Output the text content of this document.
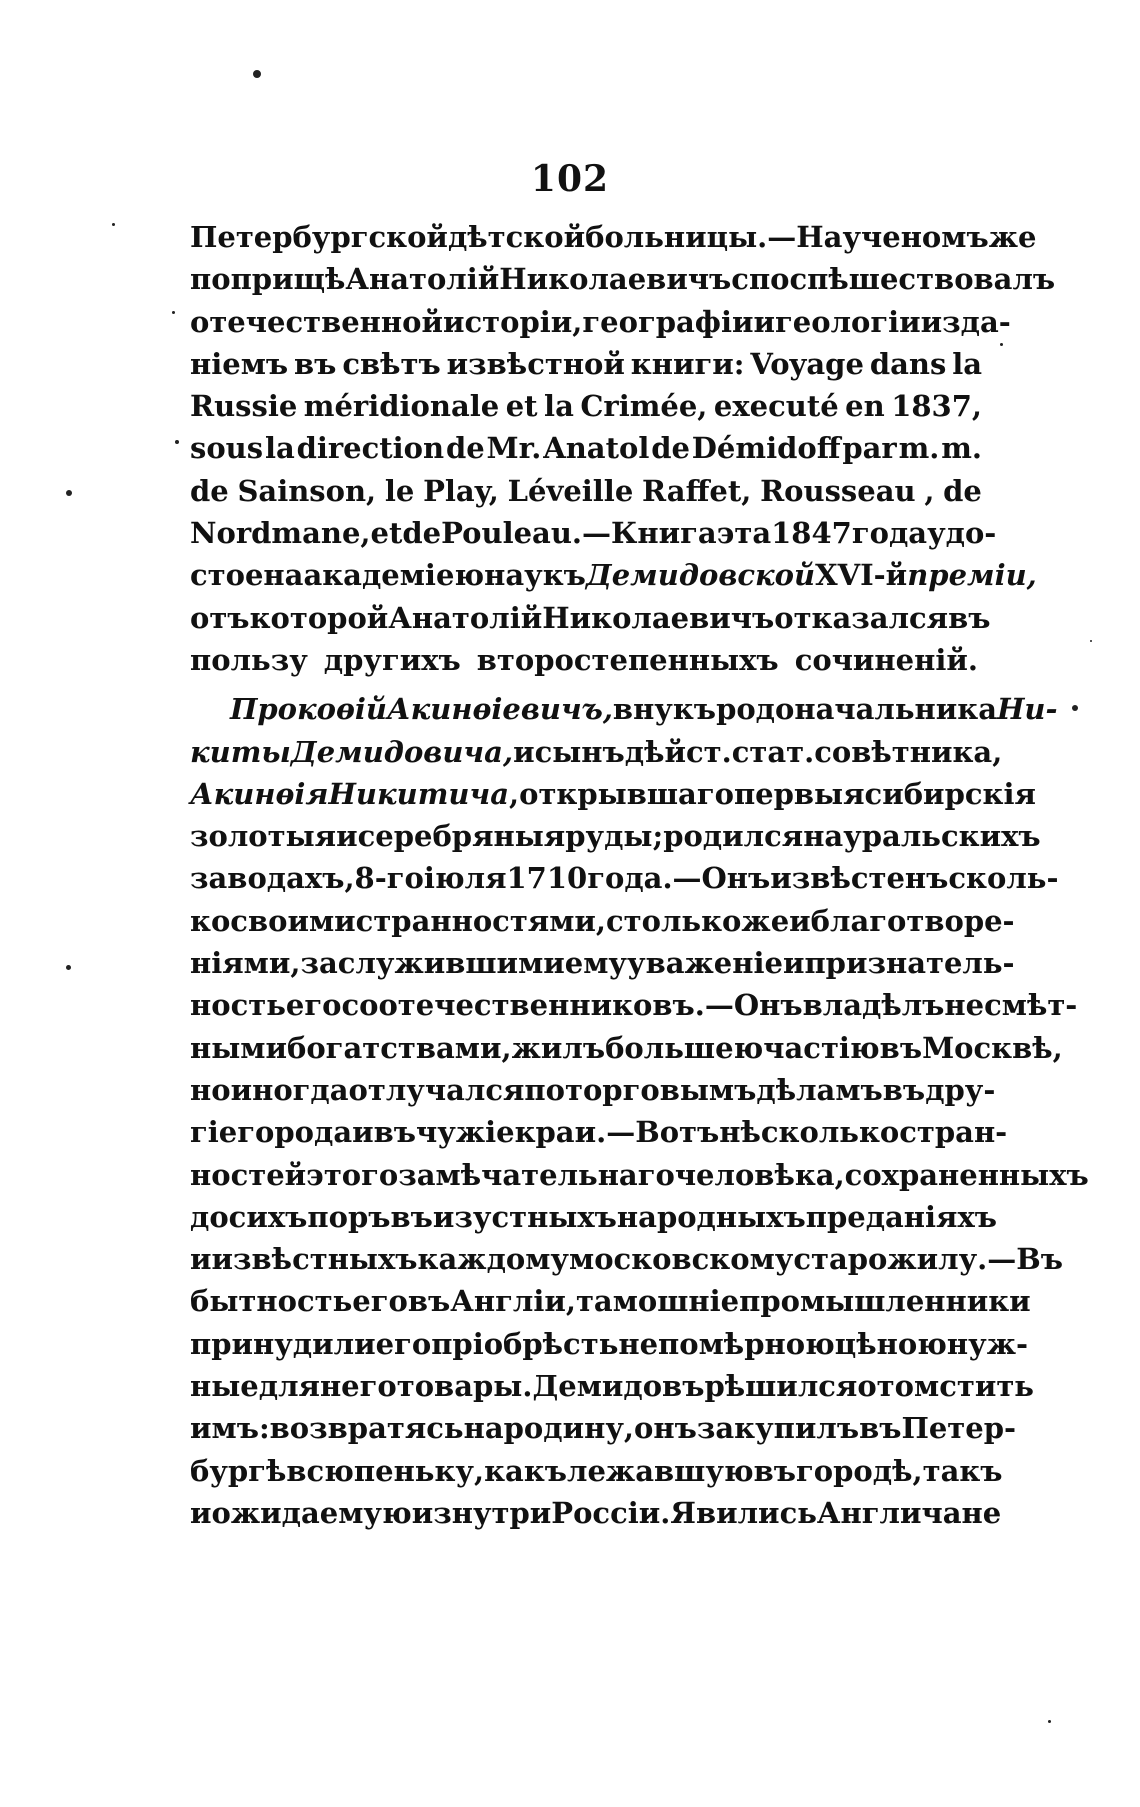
102
Петербургской дѣтской больницы.—На ученомъ же
поприщѣ Анатолій Николаевичъ споспѣшествовалъ
отечественной исторіи , географіи и геологіи изда-
ніемъ въ свѣтъ извѣстной книги: Voyage dans la
Russie méridionale et la Crimée, executé en 1837,
sous la direction de Mr. Anatol de Démidoff par m. m.
de Sainson, le Play, Léveille Raffet, Rousseau , de
Nordmane, et de Pouleau.—Книга эта 1847 года удо-
стоена академіею наукъ Демидовской XVI-й преміи,
отъ которой Анатолій Николаевичъ отказался въ
пользу другихъ второстепенныхъ сочиненій.
Прокоѳій Акинѳіевичъ, внукъ родоначальника Ни-
киты Демидовича, и сынъ дѣйст. стат. совѣтника,
Акинѳія Никитича , открывшаго первыя сибирскія
золотыя и серебряныя руды; родился на уральскихъ
заводахъ, 8-го іюля 1710 года.—Онъ извѣстенъ сколь-
ко своими странностями, столько же и благотворе-
ніями , заслужившими ему уваженіе и признатель-
ность его соотечественниковъ.—Онъ владѣлъ несмѣт-
ными богатствами, жилъ большею частію въ Москвѣ,
но иногда отлучался по торговымъ дѣламъ въ дру-
гіе города и въ чужіе краи.—Вотъ нѣсколько стран-
ностей этого замѣчательнаго человѣка, сохраненныхъ
до сихъ поръ въ изустныхъ народныхъ преданіяхъ
и извѣстныхъ каждому московскому старожилу.—Въ
бытность его въ Англіи, тамошніе промышленники
принудили его пріобрѣсть непомѣрною цѣною нуж-
ные для него товары. Демидовъ рѣшился отомстить
имъ: возвратясь на родину, онъ закупилъ въ Петер-
бургѣ всю пеньку, какъ лежавшую въ городѣ, такъ
и ожидаемую изнутри Россіи. Явились Англичане
